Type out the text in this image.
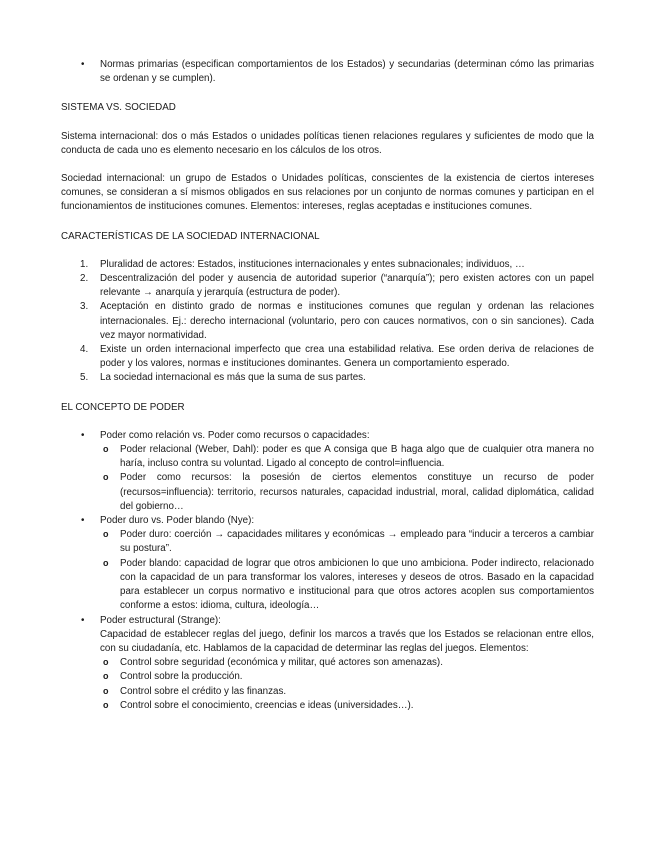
• Normas primarias (especifican comportamientos de los Estados) y secundarias (determinan cómo las primarias se ordenan y se cumplen).

SISTEMA VS. SOCIEDAD

Sistema internacional: dos o más Estados o unidades políticas tienen relaciones regulares y suficientes de modo que la conducta de cada uno es elemento necesario en los cálculos de los otros.

Sociedad internacional: un grupo de Estados o Unidades políticas, conscientes de la existencia de ciertos intereses comunes, se consideran a sí mismos obligados en sus relaciones por un conjunto de normas comunes y participan en el funcionamientos de instituciones comunes. Elementos: intereses, reglas aceptadas e instituciones comunes.

CARACTERÍSTICAS DE LA SOCIEDAD INTERNACIONAL

1. Pluralidad de actores: Estados, instituciones internacionales y entes subnacionales; individuos, …
2. Descentralización del poder y ausencia de autoridad superior (“anarquía”); pero existen actores con un papel relevante → anarquía y jerarquía (estructura de poder).
3. Aceptación en distinto grado de normas e instituciones comunes que regulan y ordenan las relaciones internacionales. Ej.: derecho internacional (voluntario, pero con cauces normativos, con o sin sanciones). Cada vez mayor normatividad.
4. Existe un orden internacional imperfecto que crea una estabilidad relativa. Ese orden deriva de relaciones de poder y los valores, normas e instituciones dominantes. Genera un comportamiento esperado.
5. La sociedad internacional es más que la suma de sus partes.

EL CONCEPTO DE PODER

• Poder como relación vs. Poder como recursos o capacidades:
o Poder relacional (Weber, Dahl): poder es que A consiga que B haga algo que de cualquier otra manera no haría, incluso contra su voluntad. Ligado al concepto de control=influencia.
o Poder como recursos: la posesión de ciertos elementos constituye un recurso de poder (recursos=influencia): territorio, recursos naturales, capacidad industrial, moral, calidad diplomática, calidad del gobierno…
• Poder duro vs. Poder blando (Nye):
o Poder duro: coerción → capacidades militares y económicas → empleado para “inducir a terceros a cambiar su postura”.
o Poder blando: capacidad de lograr que otros ambicionen lo que uno ambiciona. Poder indirecto, relacionado con la capacidad de un para transformar los valores, intereses y deseos de otros. Basado en la capacidad para establecer un corpus normativo e institucional para que otros actores acoplen sus comportamientos conforme a estos: idioma, cultura, ideología…
• Poder estructural (Strange):
Capacidad de establecer reglas del juego, definir los marcos a través que los Estados se relacionan entre ellos, con su ciudadanía, etc. Hablamos de la capacidad de determinar las reglas del juegos. Elementos:
o Control sobre seguridad (económica y militar, qué actores son amenazas).
o Control sobre la producción.
o Control sobre el crédito y las finanzas.
o Control sobre el conocimiento, creencias e ideas (universidades…).
